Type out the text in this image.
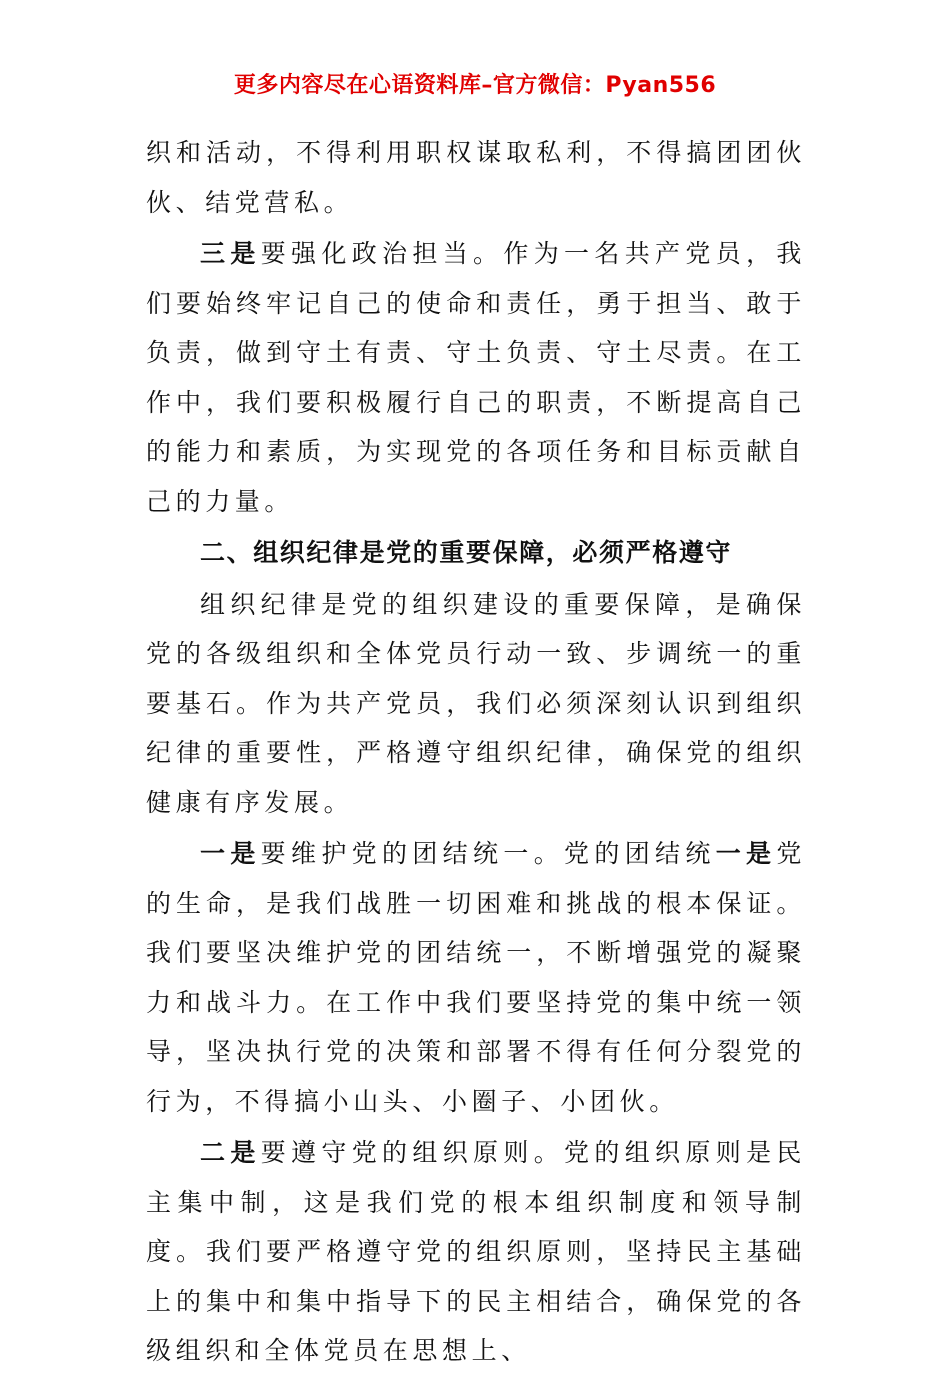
更多内容尽在心语资料库–官方微信：Pyan556

织和活动，不得利用职权谋取私利，不得搞团团伙伙、结党营私。

三是要强化政治担当。作为一名共产党员，我们要始终牢记自己的使命和责任，勇于担当、敢于负责，做到守土有责、守土负责、守土尽责。在工作中，我们要积极履行自己的职责，不断提高自己的能力和素质，为实现党的各项任务和目标贡献自己的力量。

二、组织纪律是党的重要保障，必须严格遵守

组织纪律是党的组织建设的重要保障，是确保党的各级组织和全体党员行动一致、步调统一的重要基石。作为共产党员，我们必须深刻认识到组织纪律的重要性，严格遵守组织纪律，确保党的组织健康有序发展。

一是要维护党的团结统一。党的团结统一是党的生命，是我们战胜一切困难和挑战的根本保证。我们要坚决维护党的团结统一，不断增强党的凝聚力和战斗力。在工作中我们要坚持党的集中统一领导，坚决执行党的决策和部署不得有任何分裂党的行为，不得搞小山头、小圈子、小团伙。

二是要遵守党的组织原则。党的组织原则是民主集中制，这是我们党的根本组织制度和领导制度。我们要严格遵守党的组织原则，坚持民主基础上的集中和集中指导下的民主相结合，确保党的各级组织和全体党员在思想上、
